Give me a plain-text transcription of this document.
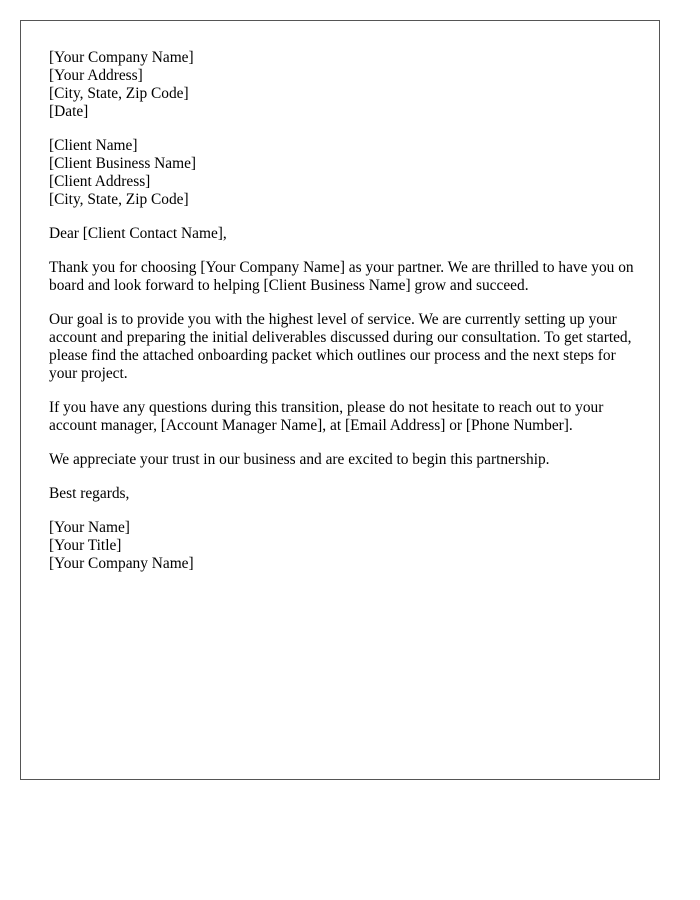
[Your Company Name]
[Your Address]
[City, State, Zip Code]
[Date]
[Client Name]
[Client Business Name]
[Client Address]
[City, State, Zip Code]

Dear [Client Contact Name],

Thank you for choosing [Your Company Name] as your partner. We are thrilled to have you on board and look forward to helping [Client Business Name] grow and succeed.

Our goal is to provide you with the highest level of service. We are currently setting up your account and preparing the initial deliverables discussed during our consultation. To get started, please find the attached onboarding packet which outlines our process and the next steps for your project.

If you have any questions during this transition, please do not hesitate to reach out to your account manager, [Account Manager Name], at [Email Address] or [Phone Number].

We appreciate your trust in our business and are excited to begin this partnership.

Best regards,

[Your Name]
[Your Title]
[Your Company Name]
